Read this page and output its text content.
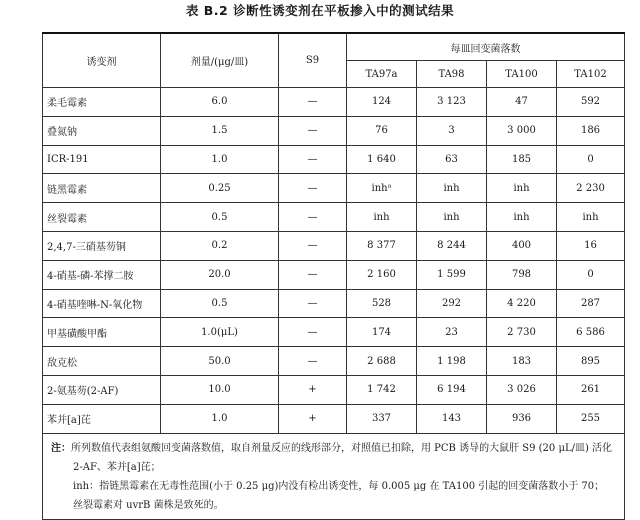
表 B.2 诊断性诱变剂在平板掺入中的测试结果
诱变剂	剂量/(μg/皿)	S9	每皿回变菌落数			
			TA97a	TA98	TA100	TA102
柔毛霉素	6.0	—	124	3 123	47	592
叠氮钠	1.5	—	76	3	3 000	186
ICR-191	1.0	—	1 640	63	185	0
链黑霉素	0.25	—	inhᵃ	inh	inh	2 230
丝裂霉素	0.5	—	inh	inh	inh	inh
2,4,7-三硝基芴铜	0.2	—	8 377	8 244	400	16
4-硝基-磷-苯撑二胺	20.0	—	2 160	1 599	798	0
4-硝基喹啉-N-氧化物	0.5	—	528	292	4 220	287
甲基磺酸甲酯	1.0(μL)	—	174	23	2 730	6 586
敌克松	50.0	—	2 688	1 198	183	895
2-氨基芴(2-AF)	10.0	+	1 742	6 194	3 026	261
苯并[a]芘	1.0	+	337	143	936	255

注：所列数值代表组氨酸回变菌落数值，取自剂量反应的线形部分，对照值已扣除，用 PCB 诱导的大鼠肝 S9 (20 μL/皿) 活化 2-AF、苯并[a]芘；
inh：指链黑霉素在无毒性范围(小于 0.25 μg)内没有检出诱变性，每 0.005 μg 在 TA100 引起的回变菌落数小于 70；
丝裂霉素对 uvrB 菌株是致死的。						
